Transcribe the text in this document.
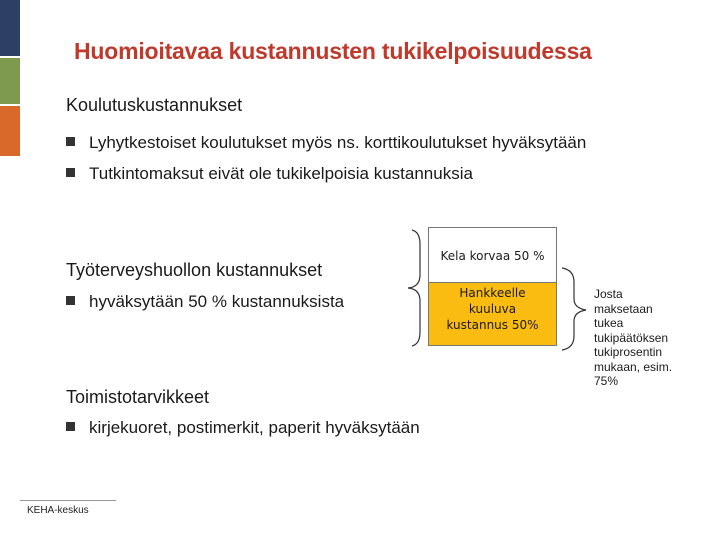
Huomioitavaa kustannusten tukikelpoisuudessa
Koulutuskustannukset
Lyhytkestoiset koulutukset myös ns. korttikoulutukset hyväksytään
Tutkintomaksut eivät ole tukikelpoisia kustannuksia
Työterveyshuollon kustannukset
hyväksytään 50 % kustannuksista
Toimistotarvikkeet
kirjekuoret, postimerkit, paperit hyväksytään
Kela korvaa 50 %
Hankkeelle
kuuluva
kustannus 50%
Josta
maksetaan
tukea
tukipäätöksen
tukiprosentin
mukaan, esim.
75%
KEHA-keskus
